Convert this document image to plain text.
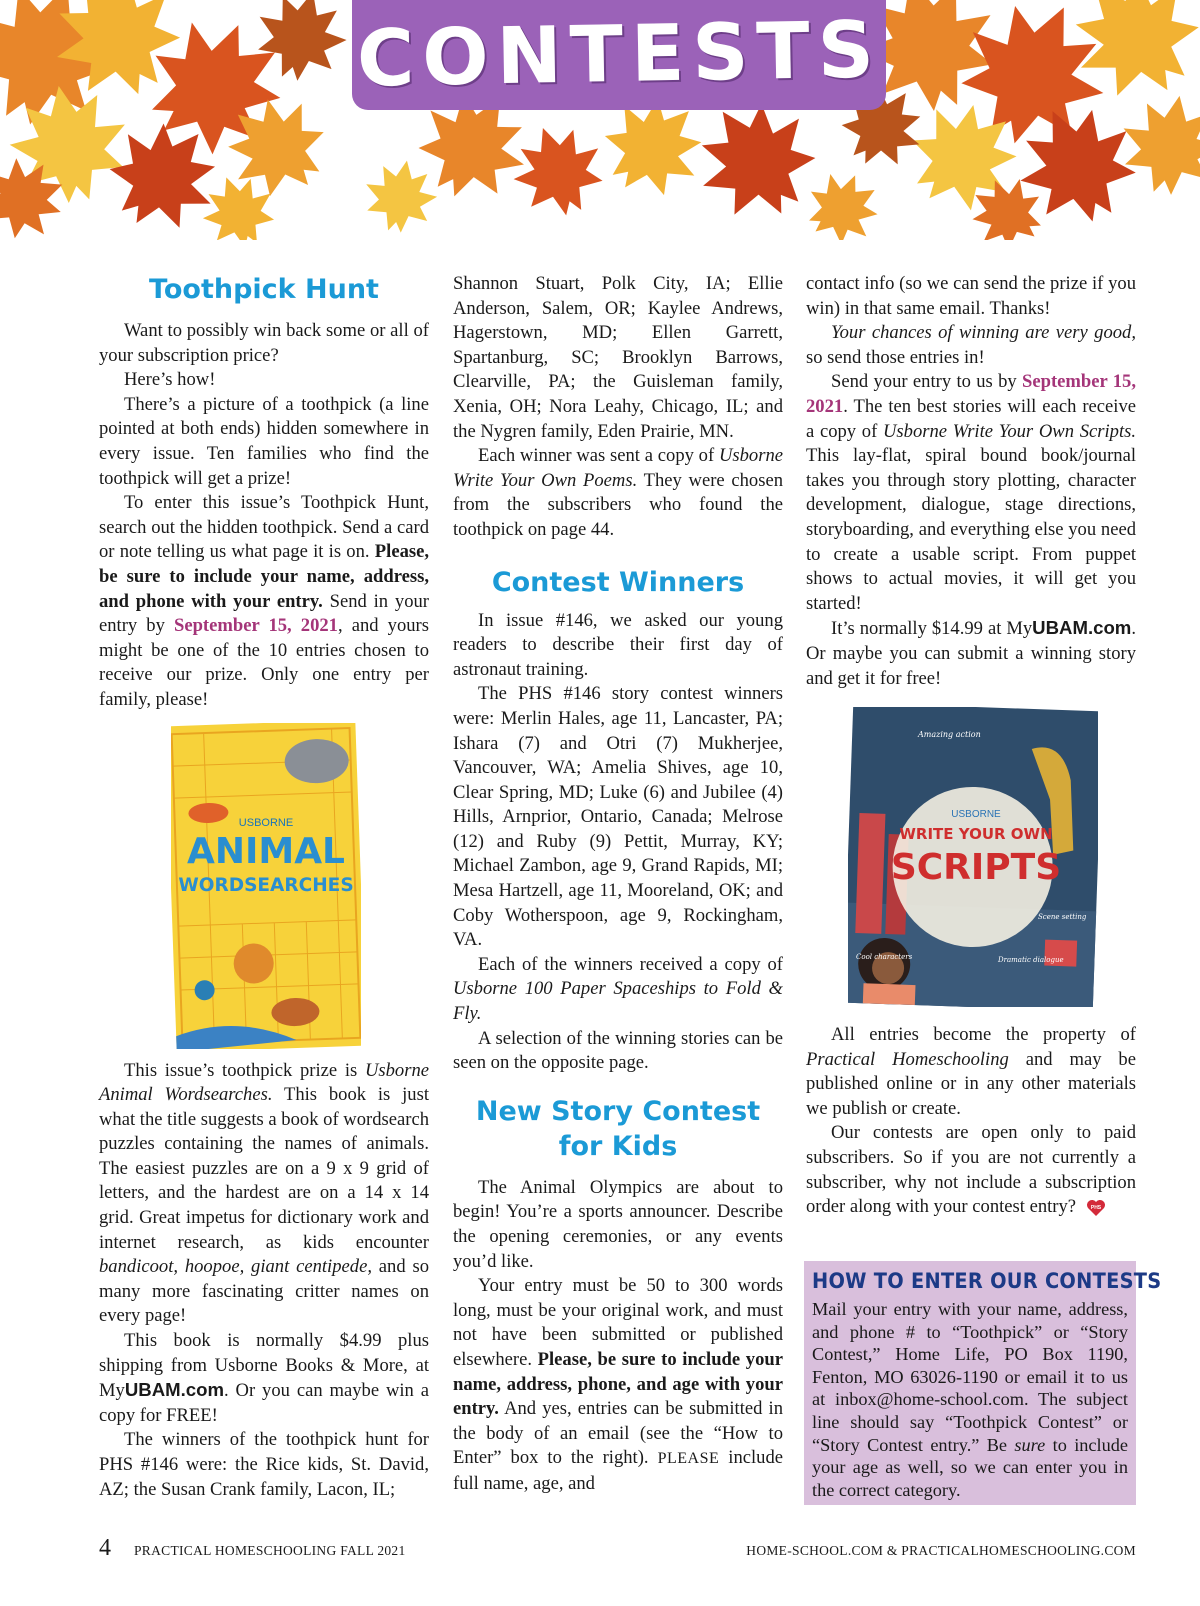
CONTESTS
Toothpick Hunt

Want to possibly win back some or all of your subscription price?

Here’s how!

There’s a picture of a toothpick (a line pointed at both ends) hidden somewhere in every issue. Ten families who find the toothpick will get a prize!

To enter this issue’s Toothpick Hunt, search out the hidden toothpick. Send a card or note telling us what page it is on. Please, be sure to include your name, address, and phone with your entry. Send in your entry by September 15, 2021, and yours might be one of the 10 entries chosen to receive our prize. Only one entry per family, please!

USBORNE
ANIMAL
WORDSEARCHES

This issue’s toothpick prize is Usborne Animal Wordsearches. This book is just what the title suggests a book of wordsearch puzzles containing the names of animals. The easiest puzzles are on a 9 x 9 grid of letters, and the hardest are on a 14 x 14 grid. Great impetus for dictionary work and internet research, as kids encounter bandicoot, hoopoe, giant centipede, and so many more fascinating critter names on every page!

This book is normally $4.99 plus shipping from Usborne Books & More, at MyUBAM.com. Or you can maybe win a copy for FREE!

The winners of the toothpick hunt for PHS #146 were: the Rice kids, St. David, AZ; the Susan Crank family, Lacon, IL;

Shannon Stuart, Polk City, IA; Ellie Anderson, Salem, OR; Kaylee Andrews, Hagerstown, MD; Ellen Garrett, Spartanburg, SC; Brooklyn Barrows, Clearville, PA; the Guisleman family, Xenia, OH; Nora Leahy, Chicago, IL; and the Nygren family, Eden Prairie, MN.

Each winner was sent a copy of Usborne Write Your Own Poems. They were chosen from the subscribers who found the toothpick on page 44.

Contest Winners

In issue #146, we asked our young readers to describe their first day of astronaut training.

The PHS #146 story contest winners were: Merlin Hales, age 11, Lancaster, PA; Ishara (7) and Otri (7) Mukherjee, Vancouver, WA; Amelia Shives, age 10, Clear Spring, MD; Luke (6) and Jubilee (4) Hills, Arnprior, Ontario, Canada; Melrose (12) and Ruby (9) Pettit, Murray, KY; Michael Zambon, age 9, Grand Rapids, MI; Mesa Hartzell, age 11, Mooreland, OK; and Coby Wotherspoon, age 9, Rockingham, VA.

Each of the winners received a copy of Usborne 100 Paper Spaceships to Fold & Fly.

A selection of the winning stories can be seen on the opposite page.

New Story Contest
for Kids

The Animal Olympics are about to begin! You’re a sports announcer. Describe the opening ceremonies, or any events you’d like.

Your entry must be 50 to 300 words long, must be your original work, and must not have been submitted or published elsewhere. Please, be sure to include your name, address, phone, and age with your entry. And yes, entries can be submitted in the body of an email (see the “How to Enter” box to the right). PLEASE include full name, age, and

contact info (so we can send the prize if you win) in that same email. Thanks!

Your chances of winning are very good, so send those entries in!

Send your entry to us by September 15, 2021. The ten best stories will each receive a copy of Usborne Write Your Own Scripts. This lay-flat, spiral bound book/journal takes you through story plotting, character development, dialogue, stage directions, storyboarding, and everything else you need to create a usable script. From puppet shows to actual movies, it will get you started!

It’s normally $14.99 at MyUBAM.com. Or maybe you can submit a winning story and get it for free!

USBORNE
WRITE YOUR OWN
SCRIPTS
Amazing action
Cool characters	Dramatic dialogue
Scene setting

All entries become the property of Practical Homeschooling and may be published online or in any other materials we publish or create.

Our contests are open only to paid subscribers. So if you are not currently a subscriber, why not include a subscription order along with your contest entry?	PHS

HOW TO ENTER OUR CONTESTS
Mail your entry with your name, address, and phone # to “Toothpick” or “Story Contest,” Home Life, PO Box 1190, Fenton, MO 63026-1190 or email it to us at inbox@home-school.com. The subject line should say “Toothpick Contest” or “Story Contest entry.” Be sure to include your age as well, so we can enter you in the correct category.
4 PRACTICAL HOMESCHOOLING FALL 2021	HOME-SCHOOL.COM & PRACTICALHOMESCHOOLING.COM
